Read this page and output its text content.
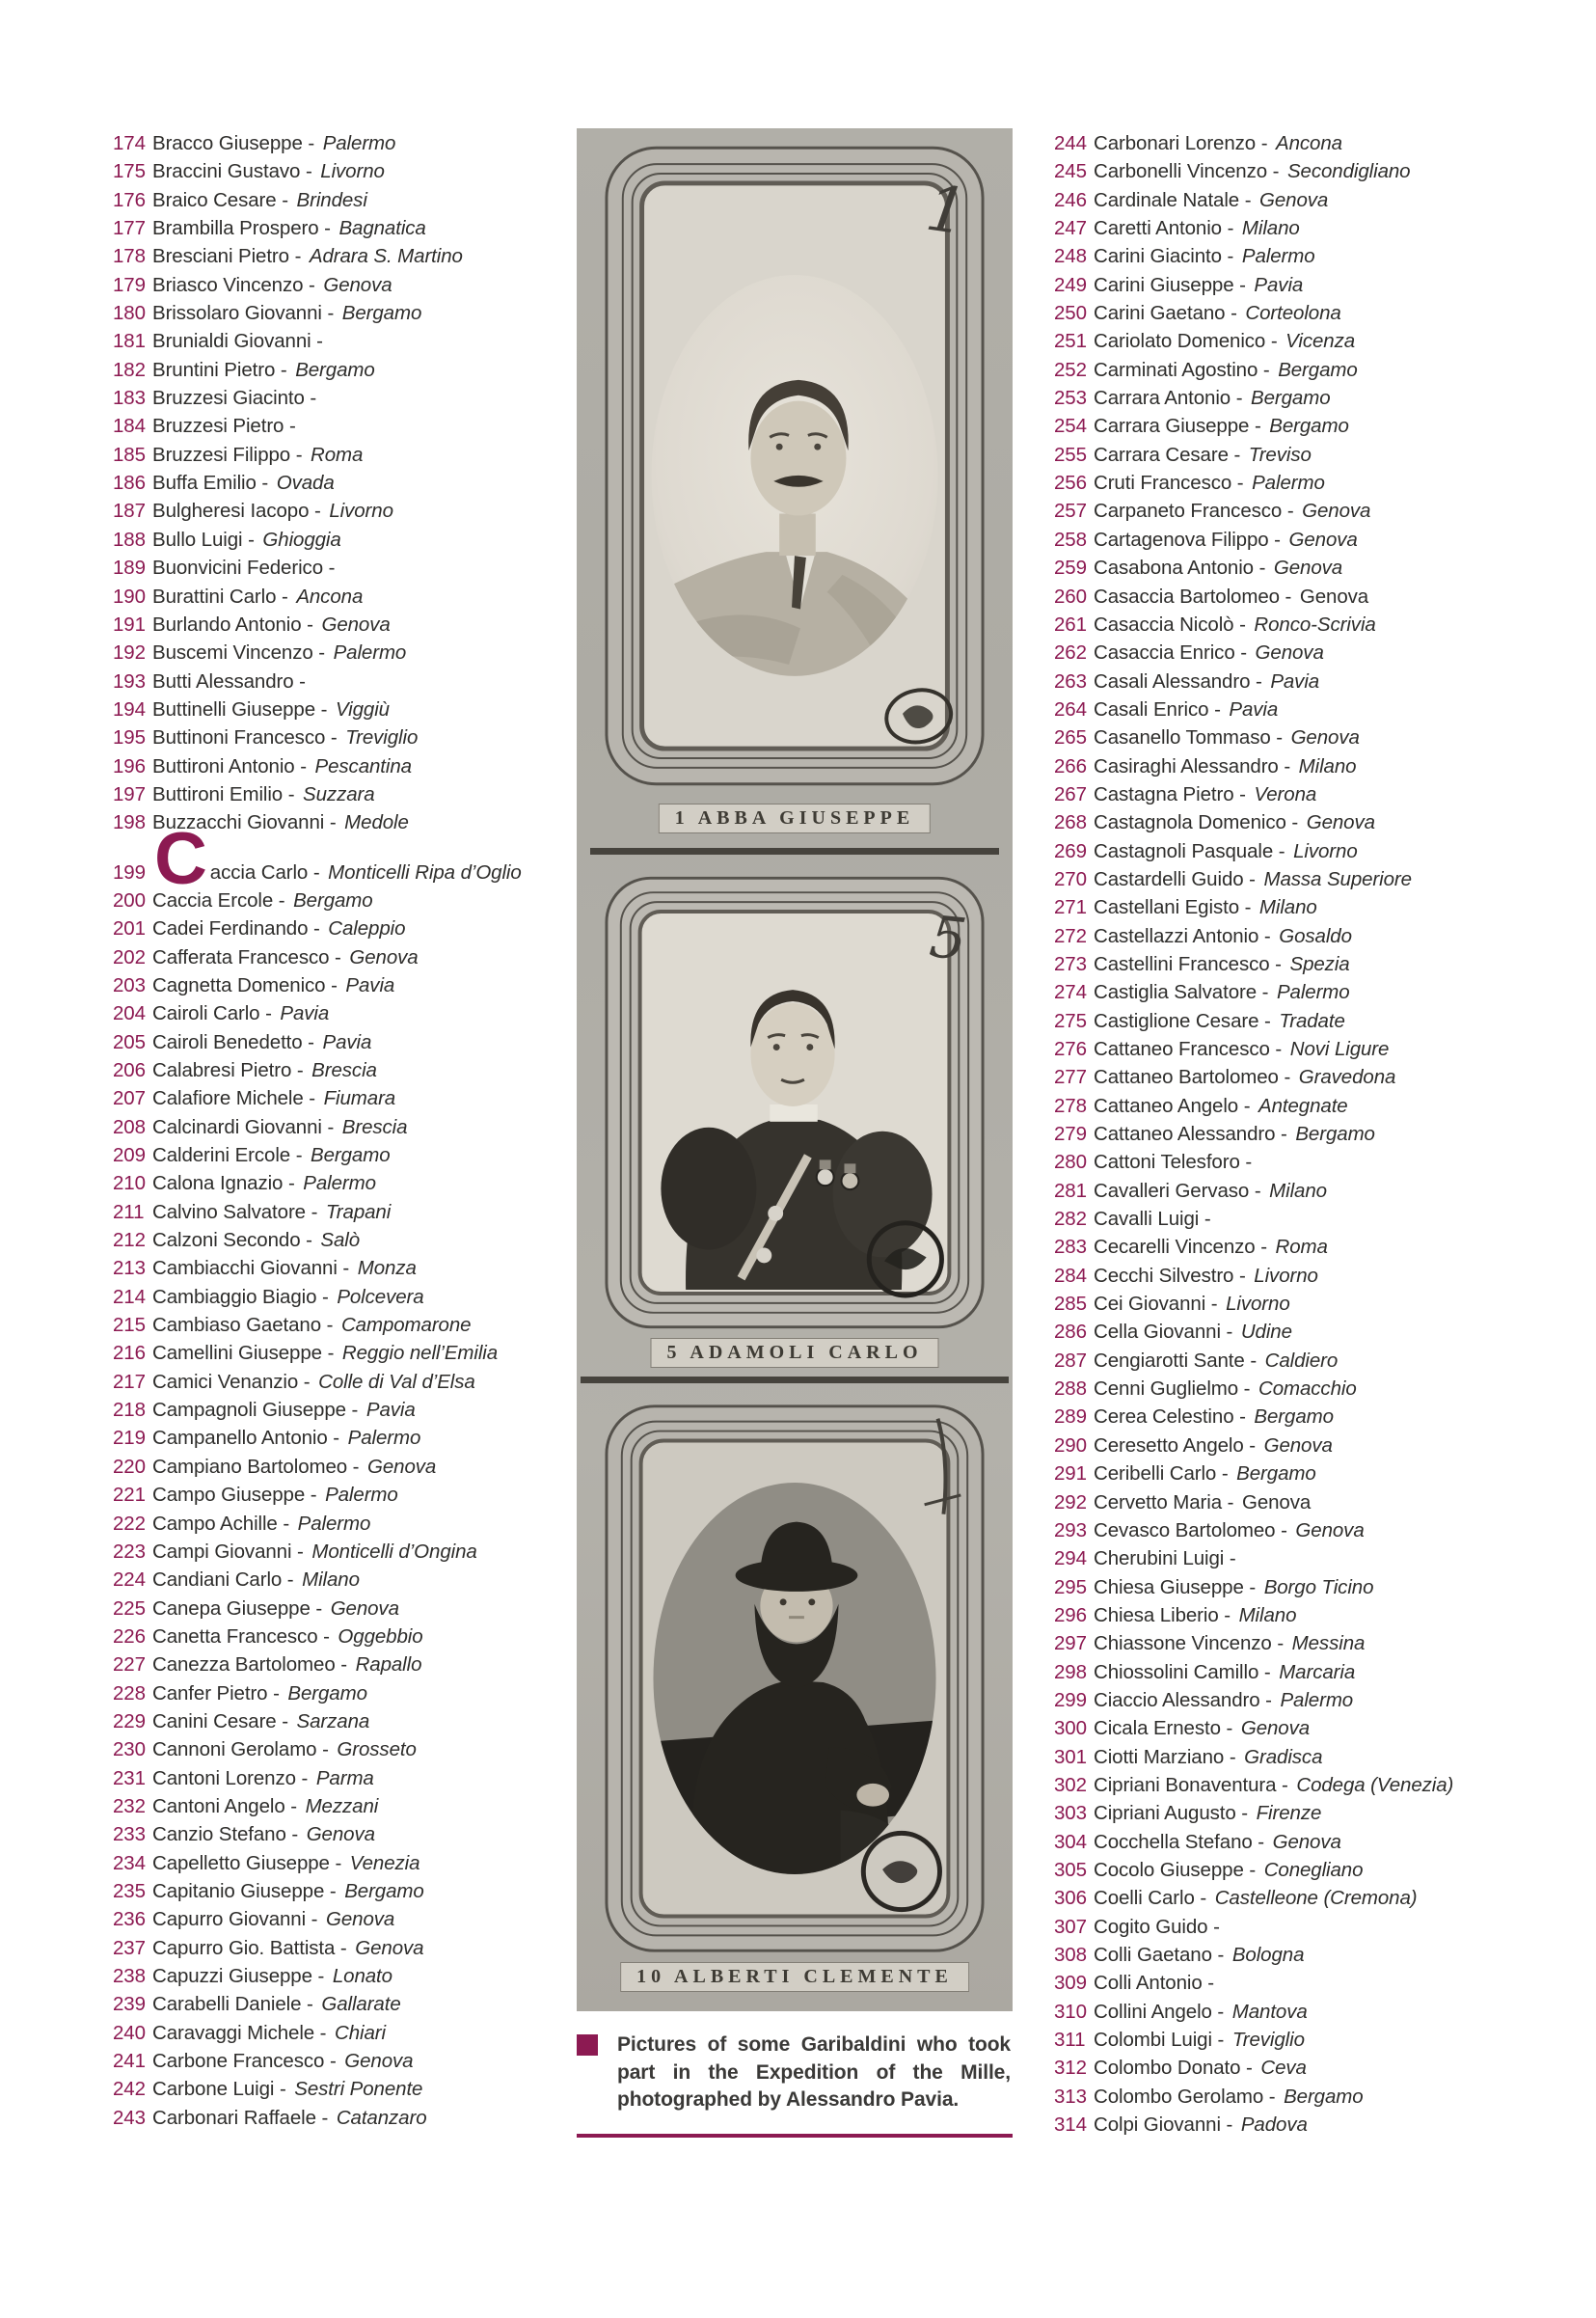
174 Bracco Giuseppe - Palermo
175 Braccini Gustavo - Livorno
176 Braico Cesare - Brindesi
177 Brambilla Prospero - Bagnatica
178 Bresciani Pietro - Adrara S. Martino
179 Briasco Vincenzo - Genova
180 Brissolaro Giovanni - Bergamo
181 Brunialdi Giovanni -
182 Bruntini Pietro - Bergamo
183 Bruzzesi Giacinto -
184 Bruzzesi Pietro -
185 Bruzzesi Filippo - Roma
186 Buffa Emilio - Ovada
187 Bulgheresi Iacopo - Livorno
188 Bullo Luigi - Ghioggia
189 Buonvicini Federico -
190 Burattini Carlo - Ancona
191 Burlando Antonio - Genova
192 Buscemi Vincenzo - Palermo
193 Butti Alessandro -
194 Buttinelli Giuseppe - Viggiù
195 Buttinoni Francesco - Treviglio
196 Buttironi Antonio - Pescantina
197 Buttironi Emilio - Suzzara
198 Buzzacchi Giovanni - Medole
199 C accia Carlo - Monticelli Ripa d’Oglio
200 Caccia Ercole - Bergamo
201 Cadei Ferdinando - Caleppio
202 Cafferata Francesco - Genova
203 Cagnetta Domenico - Pavia
204 Cairoli Carlo - Pavia
205 Cairoli Benedetto - Pavia
206 Calabresi Pietro - Brescia
207 Calafiore Michele - Fiumara
208 Calcinardi Giovanni - Brescia
209 Calderini Ercole - Bergamo
210 Calona Ignazio - Palermo
211 Calvino Salvatore - Trapani
212 Calzoni Secondo - Salò
213 Cambiacchi Giovanni - Monza
214 Cambiaggio Biagio - Polcevera
215 Cambiaso Gaetano - Campomarone
216 Camellini Giuseppe - Reggio nell’Emilia
217 Camici Venanzio - Colle di Val d’Elsa
218 Campagnoli Giuseppe - Pavia
219 Campanello Antonio - Palermo
220 Campiano Bartolomeo - Genova
221 Campo Giuseppe - Palermo
222 Campo Achille - Palermo
223 Campi Giovanni - Monticelli d’Ongina
224 Candiani Carlo - Milano
225 Canepa Giuseppe - Genova
226 Canetta Francesco - Oggebbio
227 Canezza Bartolomeo - Rapallo
228 Canfer Pietro - Bergamo
229 Canini Cesare - Sarzana
230 Cannoni Gerolamo - Grosseto
231 Cantoni Lorenzo - Parma
232 Cantoni Angelo - Mezzani
233 Canzio Stefano - Genova
234 Capelletto Giuseppe - Venezia
235 Capitanio Giuseppe - Bergamo
236 Capurro Giovanni - Genova
237 Capurro Gio. Battista - Genova
238 Capuzzi Giuseppe - Lonato
239 Carabelli Daniele - Gallarate
240 Caravaggi Michele - Chiari
241 Carbone Francesco - Genova
242 Carbone Luigi - Sestri Ponente
243 Carbonari Raffaele - Catanzaro
1
1 ABBA GIUSEPPE
5
5 ADAMOLI CARLO
10 ALBERTI CLEMENTE
244 Carbonari Lorenzo - Ancona
245 Carbonelli Vincenzo - Secondigliano
246 Cardinale Natale - Genova
247 Caretti Antonio - Milano
248 Carini Giacinto - Palermo
249 Carini Giuseppe - Pavia
250 Carini Gaetano - Corteolona
251 Cariolato Domenico - Vicenza
252 Carminati Agostino - Bergamo
253 Carrara Antonio - Bergamo
254 Carrara Giuseppe - Bergamo
255 Carrara Cesare - Treviso
256 Cruti Francesco - Palermo
257 Carpaneto Francesco - Genova
258 Cartagenova Filippo - Genova
259 Casabona Antonio - Genova
260 Casaccia Bartolomeo - Genova
261 Casaccia Nicolò - Ronco-Scrivia
262 Casaccia Enrico - Genova
263 Casali Alessandro - Pavia
264 Casali Enrico - Pavia
265 Casanello Tommaso - Genova
266 Casiraghi Alessandro - Milano
267 Castagna Pietro - Verona
268 Castagnola Domenico - Genova
269 Castagnoli Pasquale - Livorno
270 Castardelli Guido - Massa Superiore
271 Castellani Egisto - Milano
272 Castellazzi Antonio - Gosaldo
273 Castellini Francesco - Spezia
274 Castiglia Salvatore - Palermo
275 Castiglione Cesare - Tradate
276 Cattaneo Francesco - Novi Ligure
277 Cattaneo Bartolomeo - Gravedona
278 Cattaneo Angelo - Antegnate
279 Cattaneo Alessandro - Bergamo
280 Cattoni Telesforo -
281 Cavalleri Gervaso - Milano
282 Cavalli Luigi -
283 Cecarelli Vincenzo - Roma
284 Cecchi Silvestro - Livorno
285 Cei Giovanni - Livorno
286 Cella Giovanni - Udine
287 Cengiarotti Sante - Caldiero
288 Cenni Guglielmo - Comacchio
289 Cerea Celestino - Bergamo
290 Ceresetto Angelo - Genova
291 Ceribelli Carlo - Bergamo
292 Cervetto Maria - Genova
293 Cevasco Bartolomeo - Genova
294 Cherubini Luigi -
295 Chiesa Giuseppe - Borgo Ticino
296 Chiesa Liberio - Milano
297 Chiassone Vincenzo - Messina
298 Chiossolini Camillo - Marcaria
299 Ciaccio Alessandro - Palermo
300 Cicala Ernesto - Genova
301 Ciotti Marziano - Gradisca
302 Cipriani Bonaventura - Codega (Venezia)
303 Cipriani Augusto - Firenze
304 Cocchella Stefano - Genova
305 Cocolo Giuseppe - Conegliano
306 Coelli Carlo - Castelleone (Cremona)
307 Cogito Guido -
308 Colli Gaetano - Bologna
309 Colli Antonio -
310 Collini Angelo - Mantova
311 Colombi Luigi - Treviglio
312 Colombo Donato - Ceva
313 Colombo Gerolamo - Bergamo
314 Colpi Giovanni - Padova
Pictures of some Garibaldini who took part in the Expedition of the Mille, photographed by Alessandro Pavia.
